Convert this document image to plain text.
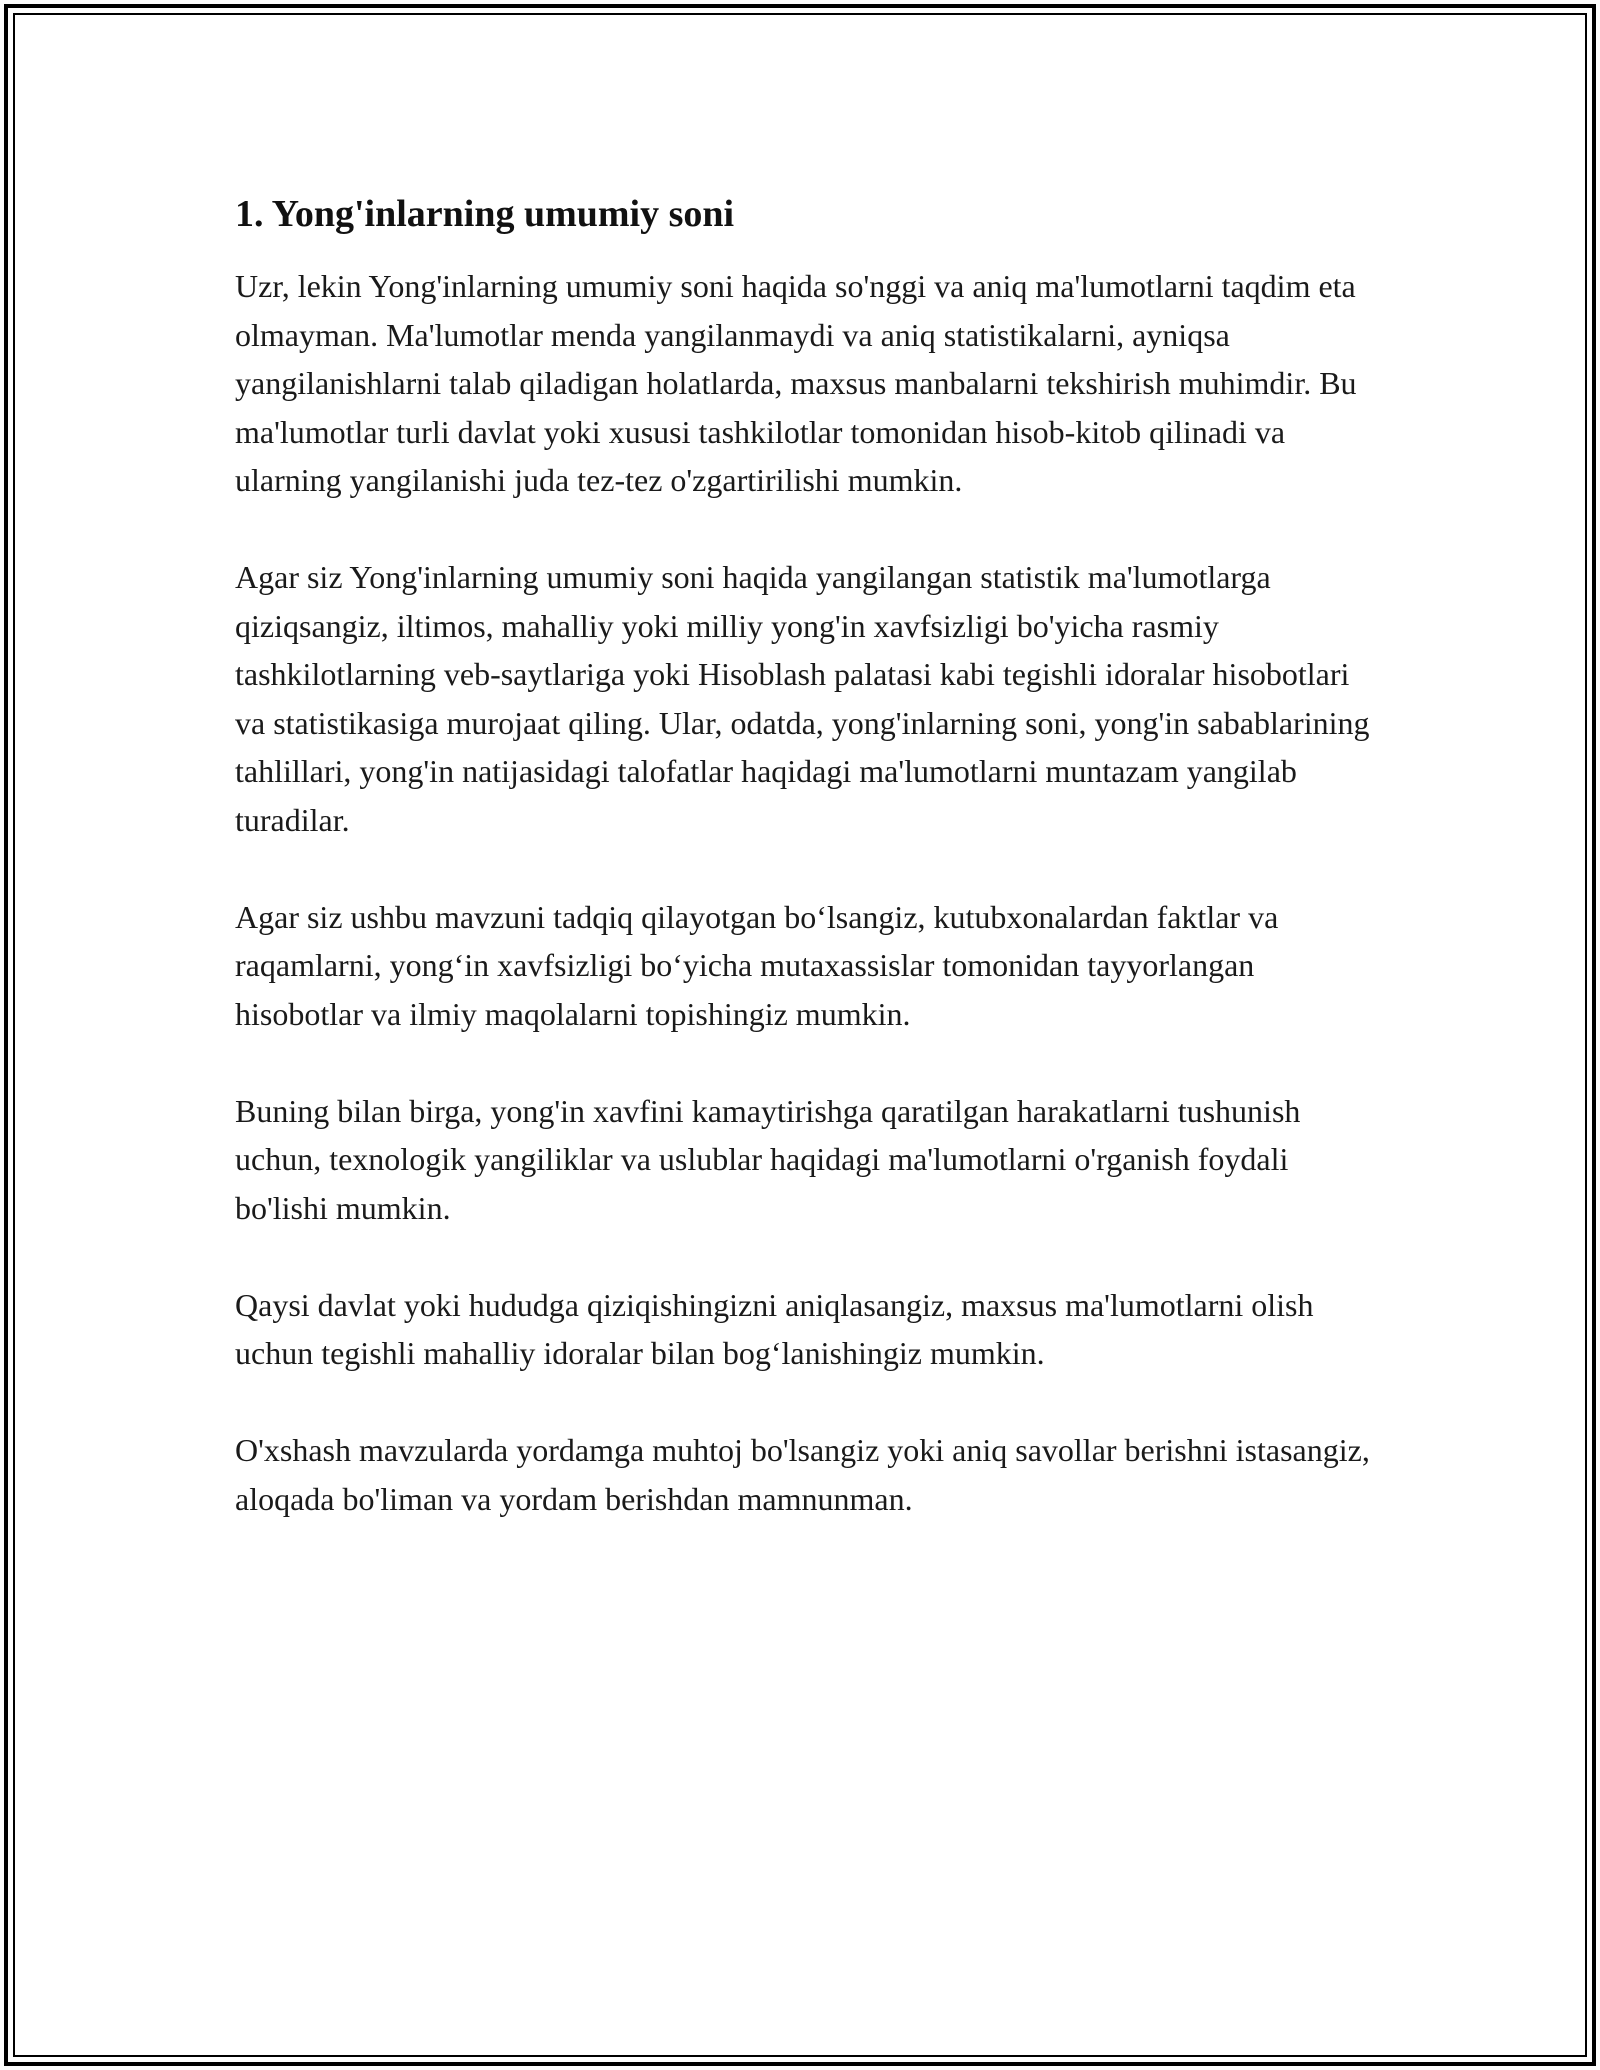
1. Yong'inlarning umumiy soni

Uzr, lekin Yong'inlarning umumiy soni haqida so'nggi va aniq ma'lumotlarni taqdim eta olmayman. Ma'lumotlar menda yangilanmaydi va aniq statistikalarni, ayniqsa yangilanishlarni talab qiladigan holatlarda, maxsus manbalarni tekshirish muhimdir. Bu ma'lumotlar turli davlat yoki xususi tashkilotlar tomonidan hisob-kitob qilinadi va ularning yangilanishi juda tez-tez o'zgartirilishi mumkin.

Agar siz Yong'inlarning umumiy soni haqida yangilangan statistik ma'lumotlarga qiziqsangiz, iltimos, mahalliy yoki milliy yong'in xavfsizligi bo'yicha rasmiy tashkilotlarning veb-saytlariga yoki Hisoblash palatasi kabi tegishli idoralar hisobotlari va statistikasiga murojaat qiling. Ular, odatda, yong'inlarning soni, yong'in sabablarining tahlillari, yong'in natijasidagi talofatlar haqidagi ma'lumotlarni muntazam yangilab turadilar.

Agar siz ushbu mavzuni tadqiq qilayotgan bo‘lsangiz, kutubxonalardan faktlar va raqamlarni, yong‘in xavfsizligi bo‘yicha mutaxassislar tomonidan tayyorlangan hisobotlar va ilmiy maqolalarni topishingiz mumkin.

Buning bilan birga, yong'in xavfini kamaytirishga qaratilgan harakatlarni tushunish uchun, texnologik yangiliklar va uslublar haqidagi ma'lumotlarni o'rganish foydali bo'lishi mumkin.

Qaysi davlat yoki hududga qiziqishingizni aniqlasangiz, maxsus ma'lumotlarni olish uchun tegishli mahalliy idoralar bilan bog‘lanishingiz mumkin.

O'xshash mavzularda yordamga muhtoj bo'lsangiz yoki aniq savollar berishni istasangiz, aloqada bo'liman va yordam berishdan mamnunman.
